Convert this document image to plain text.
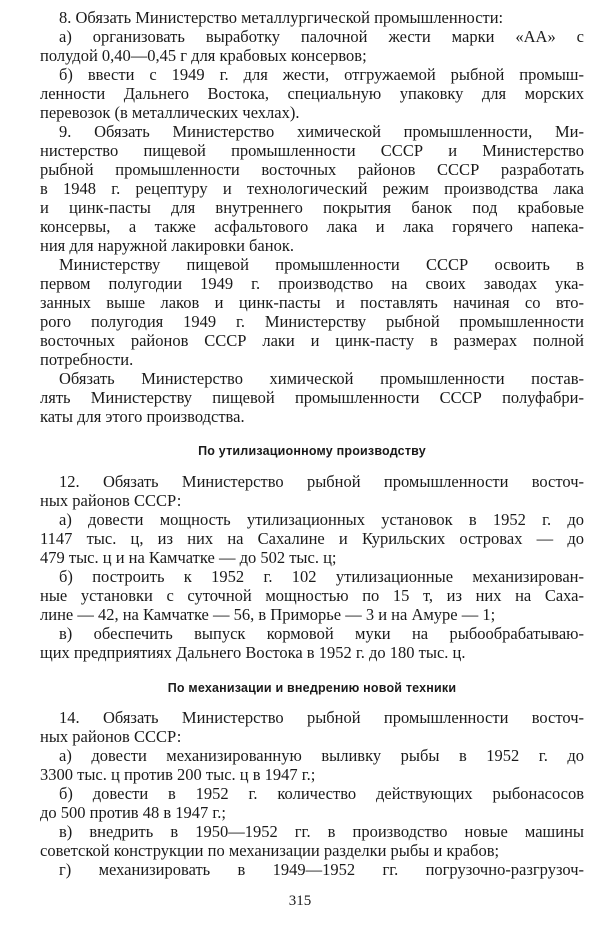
8. Обязать Министерство металлургической промышленности:
а) организовать выработку палочной жести марки «АА» с
полудой 0,40—0,45 г для крабовых консервов;
б) ввести с 1949 г. для жести, отгружаемой рыбной промыш-
ленности Дальнего Востока, специальную упаковку для морских
перевозок (в металлических чехлах).
9. Обязать Министерство химической промышленности, Ми-
нистерство пищевой промышленности СССР и Министерство
рыбной промышленности восточных районов СССР разработать
в 1948 г. рецептуру и технологический режим производства лака
и цинк-пасты для внутреннего покрытия банок под крабовые
консервы, а также асфальтового лака и лака горячего напека-
ния для наружной лакировки банок.
Министерству пищевой промышленности СССР освоить в
первом полугодии 1949 г. производство на своих заводах ука-
занных выше лаков и цинк-пасты и поставлять начиная со вто-
рого полугодия 1949 г. Министерству рыбной промышленности
восточных районов СССР лаки и цинк-пасту в размерах полной
потребности.
Обязать Министерство химической промышленности постав-
лять Министерству пищевой промышленности СССР полуфабри-
каты для этого производства.
По утилизационному производству
12. Обязать Министерство рыбной промышленности восточ-
ных районов СССР:
а) довести мощность утилизационных установок в 1952 г. до
1147 тыс. ц, из них на Сахалине и Курильских островах — до
479 тыс. ц и на Камчатке — до 502 тыс. ц;
б) построить к 1952 г. 102 утилизационные механизирован-
ные установки с суточной мощностью по 15 т, из них на Саха-
лине — 42, на Камчатке — 56, в Приморье — 3 и на Амуре — 1;
в) обеспечить выпуск кормовой муки на рыбообрабатываю-
щих предприятиях Дальнего Востока в 1952 г. до 180 тыс. ц.
По механизации и внедрению новой техники
14. Обязать Министерство рыбной промышленности восточ-
ных районов СССР:
а) довести механизированную выливку рыбы в 1952 г. до
3300 тыс. ц против 200 тыс. ц в 1947 г.;
б) довести в 1952 г. количество действующих рыбонасосов
до 500 против 48 в 1947 г.;
в) внедрить в 1950—1952 гг. в производство новые машины
советской конструкции по механизации разделки рыбы и крабов;
г) механизировать в 1949—1952 гг. погрузочно-разгрузоч-
315
